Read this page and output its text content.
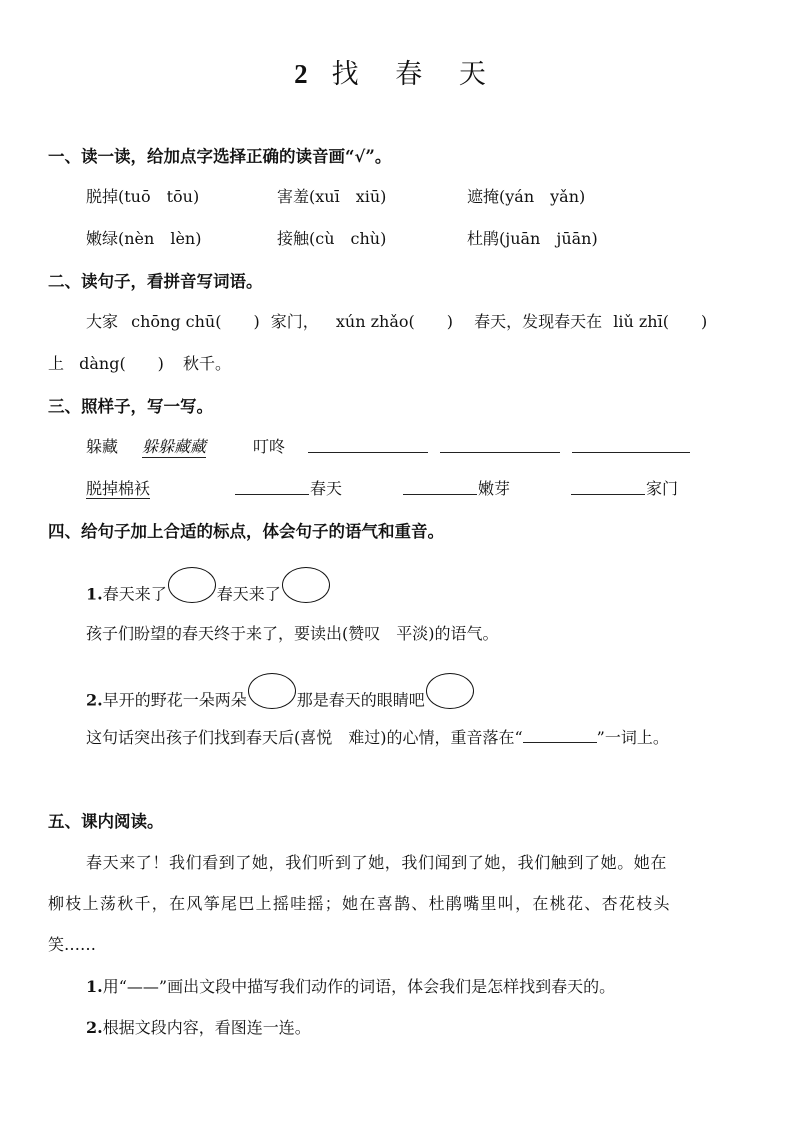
2 找 春 天
一、读一读，给加点字选择正确的读音画“√”。
脱掉(tuō　tōu)	害羞(xuī　xiū)	遮掩(yán　yǎn)
嫩绿(nèn　lèn)	接触(cù　chù)	杜鹃(juān　jūān)
二、读句子，看拼音写词语。
大家 chōng chū(　　) 家门， xún zhǎo(　　) 春天，发现春天在 liǔ zhī(　　)
上 dàng(　　) 秋千。
三、照样子，写一写。
躲藏 躲躲藏藏	叮咚
脱掉棉袄	春天	嫩芽	家门
四、给句子加上合适的标点，体会句子的语气和重音。
1.春天来了	春天来了
孩子们盼望的春天终于来了，要读出(赞叹　平淡)的语气。
2.早开的野花一朵两朵	那是春天的眼睛吧
这句话突出孩子们找到春天后(喜悦　难过)的心情，重音落在“	”一词上。
五、课内阅读。
春天来了！我们看到了她，我们听到了她，我们闻到了她，我们触到了她。她在
柳枝上荡秋千，在风筝尾巴上摇哇摇；她在喜鹊、杜鹃嘴里叫，在桃花、杏花枝头
笑……
1.用“——”画出文段中描写我们动作的词语，体会我们是怎样找到春天的。
2.根据文段内容，看图连一连。
